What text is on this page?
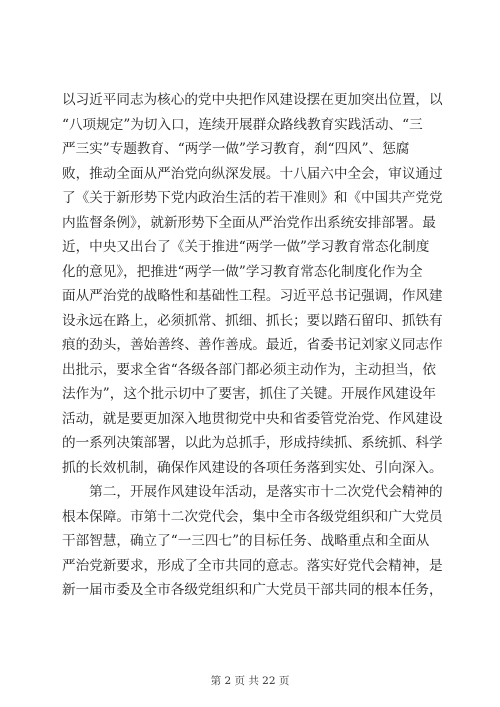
以习近平同志为核心的党中央把作风建设摆在更加突出位置，以
“八项规定”为切入口，连续开展群众路线教育实践活动、“三
严三实”专题教育、“两学一做”学习教育，刹“四风”、惩腐
败，推动全面从严治党向纵深发展。十八届六中全会，审议通过
了《关于新形势下党内政治生活的若干准则》和《中国共产党党
内监督条例》，就新形势下全面从严治党作出系统安排部署。最
近，中央又出台了《关于推进“两学一做”学习教育常态化制度
化的意见》，把推进“两学一做”学习教育常态化制度化作为全
面从严治党的战略性和基础性工程。习近平总书记强调，作风建
设永远在路上，必须抓常、抓细、抓长；要以踏石留印、抓铁有
痕的劲头，善始善终、善作善成。最近，省委书记刘家义同志作
出批示，要求全省“各级各部门都必须主动作为，主动担当，依
法作为”，这个批示切中了要害，抓住了关键。开展作风建设年
活动，就是要更加深入地贯彻党中央和省委管党治党、作风建设
的一系列决策部署，以此为总抓手，形成持续抓、系统抓、科学
抓的长效机制，确保作风建设的各项任务落到实处、引向深入。

　　第二，开展作风建设年活动，是落实市十二次党代会精神的
根本保障。市第十二次党代会，集中全市各级党组织和广大党员
干部智慧，确立了“一三四七”的目标任务、战略重点和全面从
严治党新要求，形成了全市共同的意志。落实好党代会精神，是
新一届市委及全市各级党组织和广大党员干部共同的根本任务，

第 2 页 共 22 页
